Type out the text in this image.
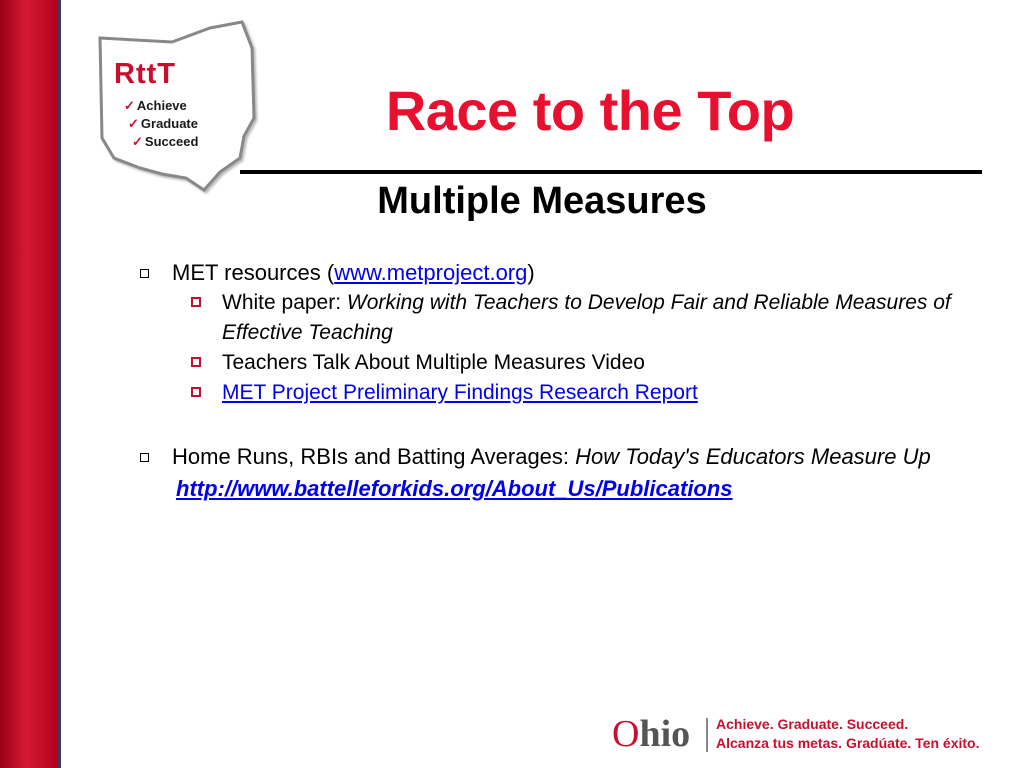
RttT
✓ Achieve
✓ Graduate
✓ Succeed	Race to the Top
Multiple Measures
MET resources (www.metproject.org)
White paper: Working with Teachers to Develop Fair and Reliable Measures of Effective Teaching
Teachers Talk About Multiple Measures Video
MET Project Preliminary Findings Research Report
Home Runs, RBIs and Batting Averages: How Today's Educators Measure Up
http://www.battelleforkids.org/About_Us/Publications
Ohio Achieve. Graduate. Succeed.
Alcanza tus metas. Gradúate. Ten éxito.
